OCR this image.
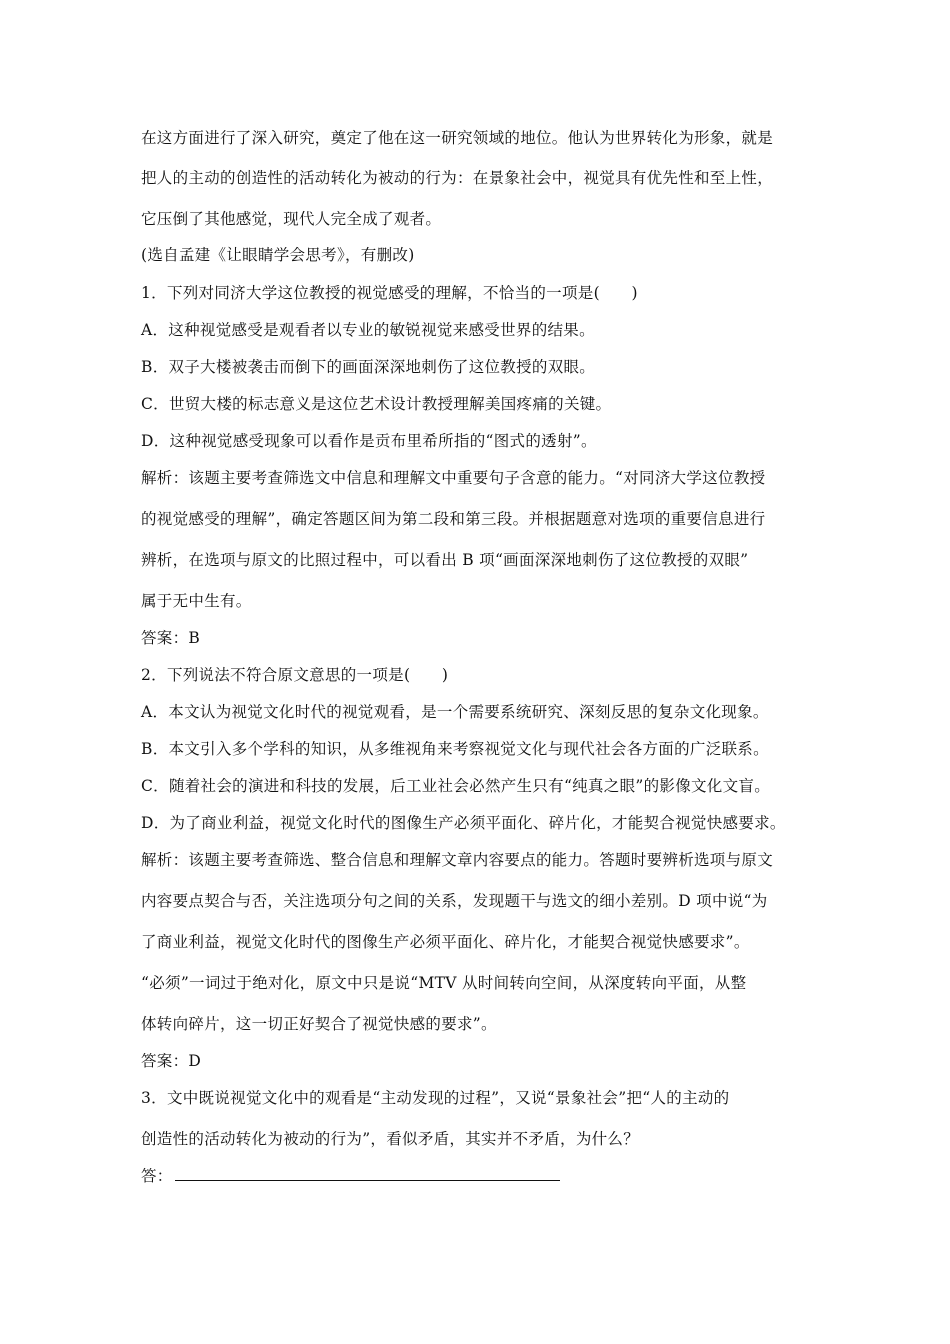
在这方面进行了深入研究，奠定了他在这一研究领域的地位。他认为世界转化为形象，就是
把人的主动的创造性的活动转化为被动的行为：在景象社会中，视觉具有优先性和至上性，
它压倒了其他感觉，现代人完全成了观者。
(选自孟建《让眼睛学会思考》，有删改)
1．下列对同济大学这位教授的视觉感受的理解，不恰当的一项是(　　)
A．这种视觉感受是观看者以专业的敏锐视觉来感受世界的结果。
B．双子大楼被袭击而倒下的画面深深地刺伤了这位教授的双眼。
C．世贸大楼的标志意义是这位艺术设计教授理解美国疼痛的关键。
D．这种视觉感受现象可以看作是贡布里希所指的“图式的透射”。
解析：该题主要考查筛选文中信息和理解文中重要句子含意的能力。“对同济大学这位教授
的视觉感受的理解”，确定答题区间为第二段和第三段。并根据题意对选项的重要信息进行
辨析，在选项与原文的比照过程中，可以看出 B 项“画面深深地刺伤了这位教授的双眼”
属于无中生有。
答案：B
2．下列说法不符合原文意思的一项是(　　)
A．本文认为视觉文化时代的视觉观看，是一个需要系统研究、深刻反思的复杂文化现象。
B．本文引入多个学科的知识，从多维视角来考察视觉文化与现代社会各方面的广泛联系。
C．随着社会的演进和科技的发展，后工业社会必然产生只有“纯真之眼”的影像文化文盲。
D．为了商业利益，视觉文化时代的图像生产必须平面化、碎片化，才能契合视觉快感要求。
解析：该题主要考查筛选、整合信息和理解文章内容要点的能力。答题时要辨析选项与原文
内容要点契合与否，关注选项分句之间的关系，发现题干与选文的细小差别。D 项中说“为
了商业利益，视觉文化时代的图像生产必须平面化、碎片化，才能契合视觉快感要求”。
“必须”一词过于绝对化，原文中只是说“MTV 从时间转向空间，从深度转向平面，从整
体转向碎片，这一切正好契合了视觉快感的要求”。
答案：D
3．文中既说视觉文化中的观看是“主动发现的过程”，又说“景象社会”把“人的主动的
创造性的活动转化为被动的行为”，看似矛盾，其实并不矛盾，为什么？
答：
